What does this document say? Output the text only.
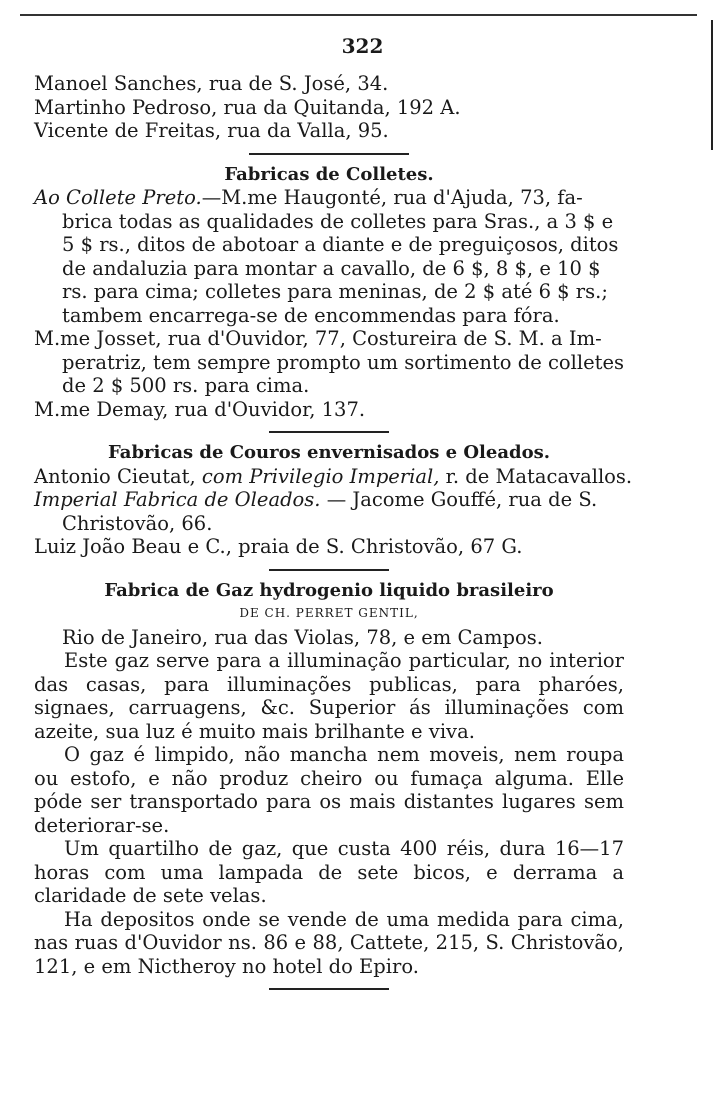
322
Manoel Sanches, rua de S. José, 34.
Martinho Pedroso, rua da Quitanda, 192 A.
Vicente de Freitas, rua da Valla, 95.
Fabricas de Colletes.
Ao Collete Preto.—M.me Haugonté, rua d'Ajuda, 73, fa-
brica todas as qualidades de colletes para Sras., a 3 $ e
5 $ rs., ditos de abotoar a diante e de preguiçosos, ditos
de andaluzia para montar a cavallo, de 6 $, 8 $, e 10 $
rs. para cima; colletes para meninas, de 2 $ até 6 $ rs.;
tambem encarrega-se de encommendas para fóra.
M.me Josset, rua d'Ouvidor, 77, Costureira de S. M. a Im-
peratriz, tem sempre prompto um sortimento de colletes
de 2 $ 500 rs. para cima.
M.me Demay, rua d'Ouvidor, 137.
Fabricas de Couros envernisados e Oleados.
Antonio Cieutat, com Privilegio Imperial, r. de Matacavallos.
Imperial Fabrica de Oleados. — Jacome Gouffé, rua de S.
Christovão, 66.
Luiz João Beau e C., praia de S. Christovão, 67 G.
Fabrica de Gaz hydrogenio liquido brasileiro
DE CH. PERRET GENTIL,
Rio de Janeiro, rua das Violas, 78, e em Campos.
Este gaz serve para a illuminação particular, no interior das casas, para illuminações publicas, para pharóes, signaes, carruagens, &c. Superior ás illuminações com azeite, sua luz é muito mais brilhante e viva.
O gaz é limpido, não mancha nem moveis, nem roupa ou estofo, e não produz cheiro ou fumaça alguma. Elle póde ser transportado para os mais distantes lugares sem deteriorar-se.
Um quartilho de gaz, que custa 400 réis, dura 16—17 horas com uma lampada de sete bicos, e derrama a claridade de sete velas.
Ha depositos onde se vende de uma medida para cima, nas ruas d'Ouvidor ns. 86 e 88, Cattete, 215, S. Christovão, 121, e em Nictheroy no hotel do Epiro.
